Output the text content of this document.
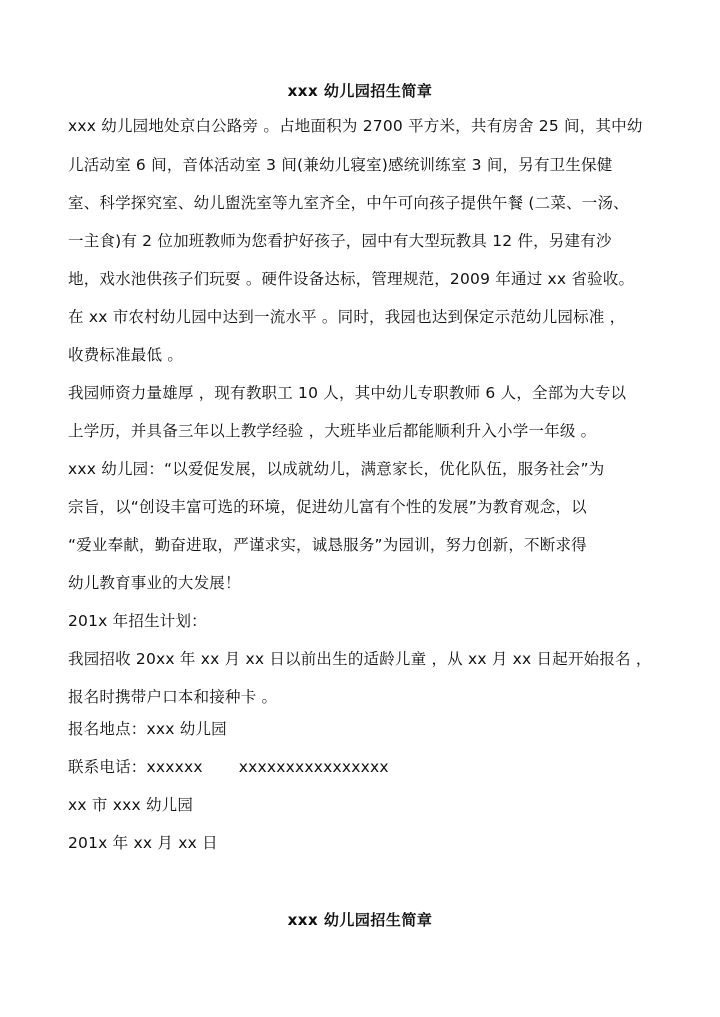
xxx 幼儿园招生简章
xxx 幼儿园地处京白公路旁 。占地面积为 2700 平方米，共有房舍 25 间，其中幼
儿活动室 6 间，音体活动室 3 间(兼幼儿寝室)感统训练室 3 间，另有卫生保健
室、科学探究室、幼儿盥洗室等九室齐全，中午可向孩子提供午餐 (二菜、一汤、
一主食)有 2 位加班教师为您看护好孩子，园中有大型玩教具 12 件，另建有沙
地，戏水池供孩子们玩耍 。硬件设备达标，管理规范，2009 年通过 xx 省验收。
在 xx 市农村幼儿园中达到一流水平 。同时，我园也达到保定示范幼儿园标准 ，
收费标准最低 。
我园师资力量雄厚 ，现有教职工 10 人，其中幼儿专职教师 6 人，全部为大专以
上学历，并具备三年以上教学经验 ，大班毕业后都能顺利升入小学一年级 。
xxx 幼儿园：“以爱促发展，以成就幼儿，满意家长，优化队伍，服务社会”为
宗旨，以“创设丰富可选的环境，促进幼儿富有个性的发展”为教育观念，以
“爱业奉献，勤奋进取，严谨求实，诚恳服务”为园训，努力创新，不断求得
幼儿教育事业的大发展！
201x 年招生计划：
我园招收 20xx 年 xx 月 xx 日以前出生的适龄儿童 ，从 xx 月 xx 日起开始报名 ，
报名时携带户口本和接种卡 。
报名地点：xxx 幼儿园
联系电话：xxxxxx xxxxxxxxxxxxxxxx
xx 市 xxx 幼儿园
201x 年 xx 月 xx 日
xxx 幼儿园招生简章
